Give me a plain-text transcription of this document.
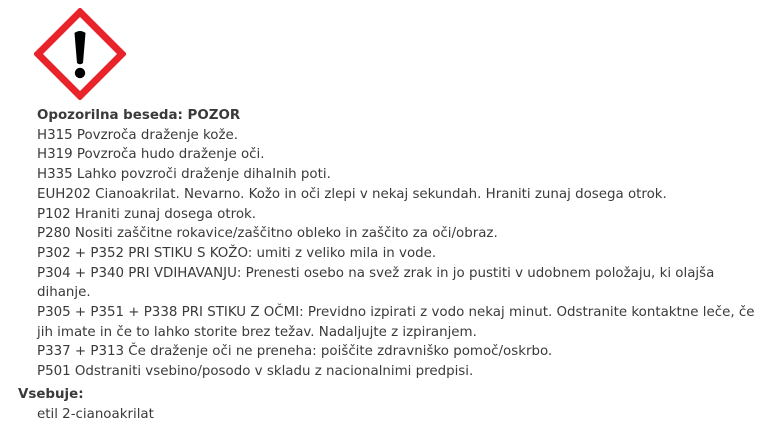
Opozorilna beseda: POZOR
H315 Povzroča draženje kože.
H319 Povzroča hudo draženje oči.
H335 Lahko povzroči draženje dihalnih poti.
EUH202 Cianoakrilat. Nevarno. Kožo in oči zlepi v nekaj sekundah. Hraniti zunaj dosega otrok.
P102 Hraniti zunaj dosega otrok.
P280 Nositi zaščitne rokavice/zaščitno obleko in zaščito za oči/obraz.
P302 + P352 PRI STIKU S KOŽO: umiti z veliko mila in vode.
P304 + P340 PRI VDIHAVANJU: Prenesti osebo na svež zrak in jo pustiti v udobnem položaju, ki olajša dihanje.
P305 + P351 + P338 PRI STIKU Z OČMI: Previdno izpirati z vodo nekaj minut. Odstranite kontaktne leče, če jih imate in če to lahko storite brez težav. Nadaljujte z izpiranjem.
P337 + P313 Če draženje oči ne preneha: poiščite zdravniško pomoč/oskrbo.
P501 Odstraniti vsebino/posodo v skladu z nacionalnimi predpisi.
Vsebuje:
etil 2-cianoakrilat
